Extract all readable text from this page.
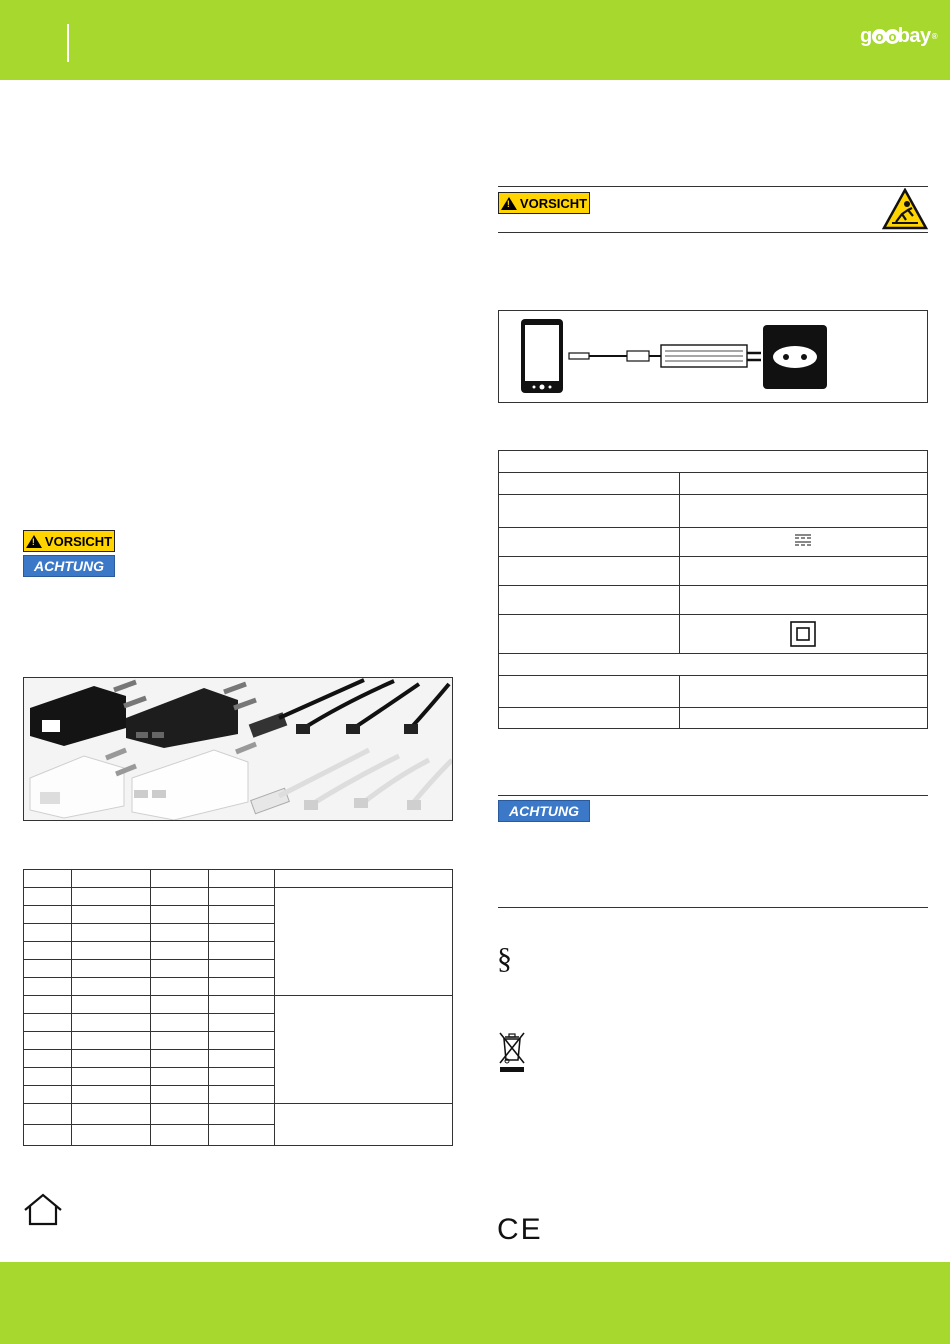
g o o bay ®
!
VORSICHT
ACHTUNG

!
VORSICHT

ACHTUNG
§
CE
